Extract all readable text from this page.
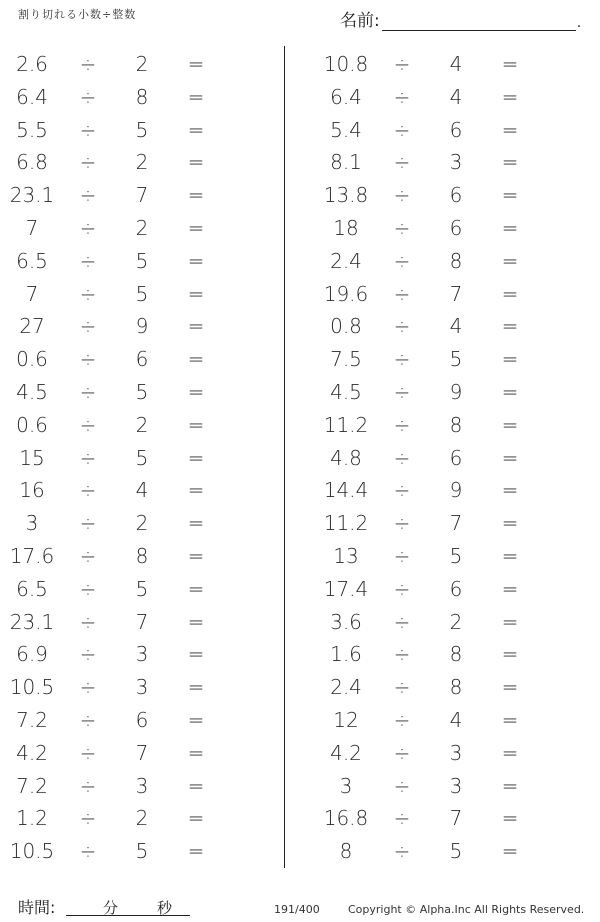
割り切れる小数÷整数	名前:	.
2.6	÷ 2 =
6.4	÷ 8 =
5.5	÷ 5 =
6.8	÷ 2 =
23.1 ÷ 7 =
7	÷ 2 =
6.5	÷ 5 =
7	÷ 5 =
27	÷ 9 =
0.6	÷ 6 =
4.5	÷ 5 =
0.6	÷ 2 =
15	÷ 5 =
16	÷ 4 =
3	÷ 2 =
17.6 ÷ 8 =
6.5	÷ 5 =
23.1 ÷ 7 =
6.9	÷ 3 =
10.5 ÷ 3 =
7.2	÷ 6 =
4.2	÷ 7 =
7.2	÷ 3 =
1.2	÷ 2 =
10.5 ÷ 5 =
10.8	÷ 4 =
6.4	÷ 4 =
5.4	÷ 6 =
8.1	÷ 3 =
13.8	÷ 6 =
18	÷ 6 =
2.4	÷ 8 =
19.6	÷ 7 =
0.8	÷ 4 =
7.5	÷ 5 =
4.5	÷ 9 =
11.2	÷ 8 =
4.8	÷ 6 =
14.4	÷ 9 =
11.2	÷ 7 =
13	÷ 5 =
17.4	÷ 6 =
3.6	÷ 2 =
1.6	÷ 8 =
2.4	÷ 8 =
12	÷ 4 =
4.2	÷ 3 =
3	÷ 3 =
16.8	÷ 7 =
8	÷ 5 =
時間:	分	秒	191/400	Copyright © Alpha.Inc All Rights Reserved.
